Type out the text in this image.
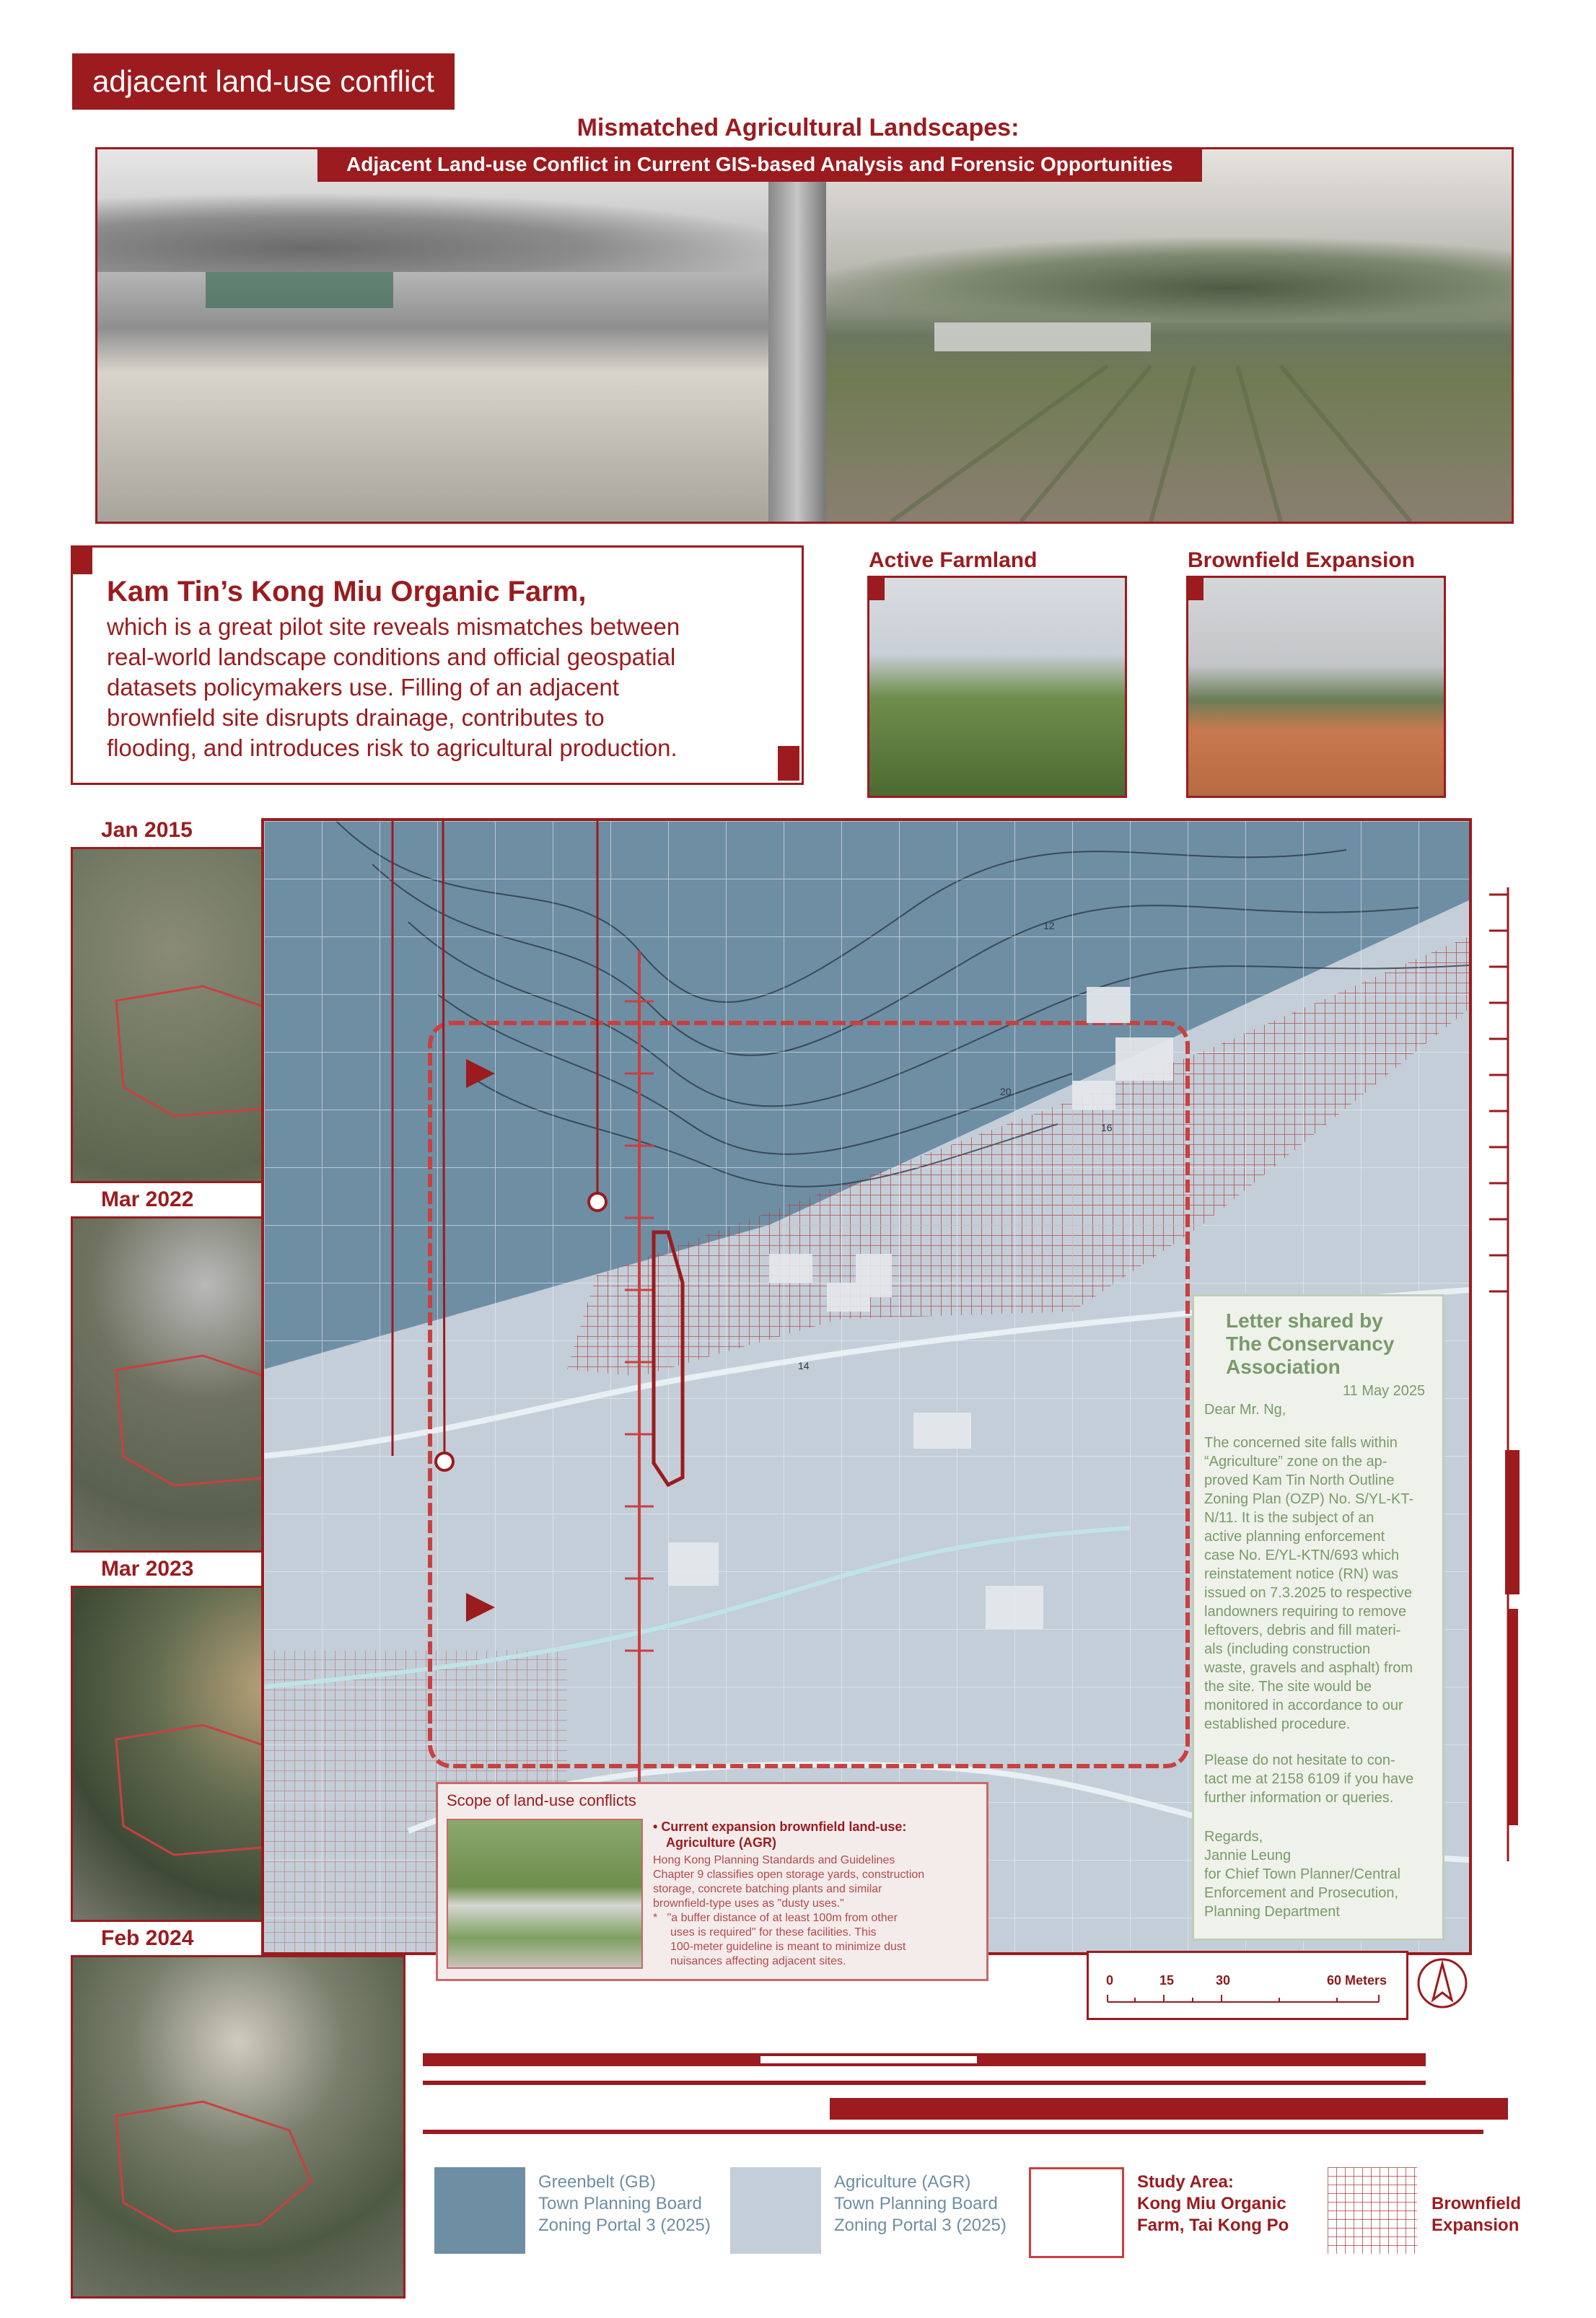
adjacent land-use conflict
Mismatched Agricultural Landscapes:
Adjacent Land-use Conflict in Current GIS-based Analysis and Forensic Opportunities
Kam Tin’s Kong Miu Organic Farm,
which is a great pilot site reveals mismatches between
real-world landscape conditions and official geospatial
datasets policymakers use. Filling of an adjacent
brownfield site disrupts drainage, contributes to
flooding, and introduces risk to agricultural production.
Active Farmland	Brownfield Expansion
Jan 2015
Mar 2022
Mar 2023
Feb 2024
12
20
16
14
Letter shared by
The Conservancy
Association
11 May 2025
Dear Mr. Ng,
The concerned site falls within
“Agriculture” zone on the ap-
proved Kam Tin North Outline
Zoning Plan (OZP) No. S/YL-KT-
N/11. It is the subject of an
active planning enforcement
case No. E/YL-KTN/693 which
reinstatement notice (RN) was
issued on 7.3.2025 to respective
landowners requiring to remove
leftovers, debris and fill materi-
als (including construction
waste, gravels and asphalt) from
the site. The site would be
monitored in accordance to our
established procedure.
Please do not hesitate to con-
tact me at 2158 6109 if you have
further information or queries.
Regards,
Jannie Leung
for Chief Town Planner/Central
Enforcement and Prosecution,
Planning Department
Scope of land-use conflicts
• Current expansion brownfield land-use:
Agriculture (AGR)
Hong Kong Planning Standards and Guidelines
Chapter 9 classifies open storage yards, construction
storage, concrete batching plants and similar
brownfield-type uses as "dusty uses."
*   "a buffer distance of at least 100m from other
uses is required" for these facilities. This
100-meter guideline is meant to minimize dust
nuisances affecting adjacent sites.
0	15	30	60 Meters
Greenbelt (GB)
Town Planning Board
Zoning Portal 3 (2025)
Agriculture (AGR)
Town Planning Board
Zoning Portal 3 (2025)
Study Area:
Kong Miu Organic
Farm, Tai Kong Po
Brownfield
Expansion
